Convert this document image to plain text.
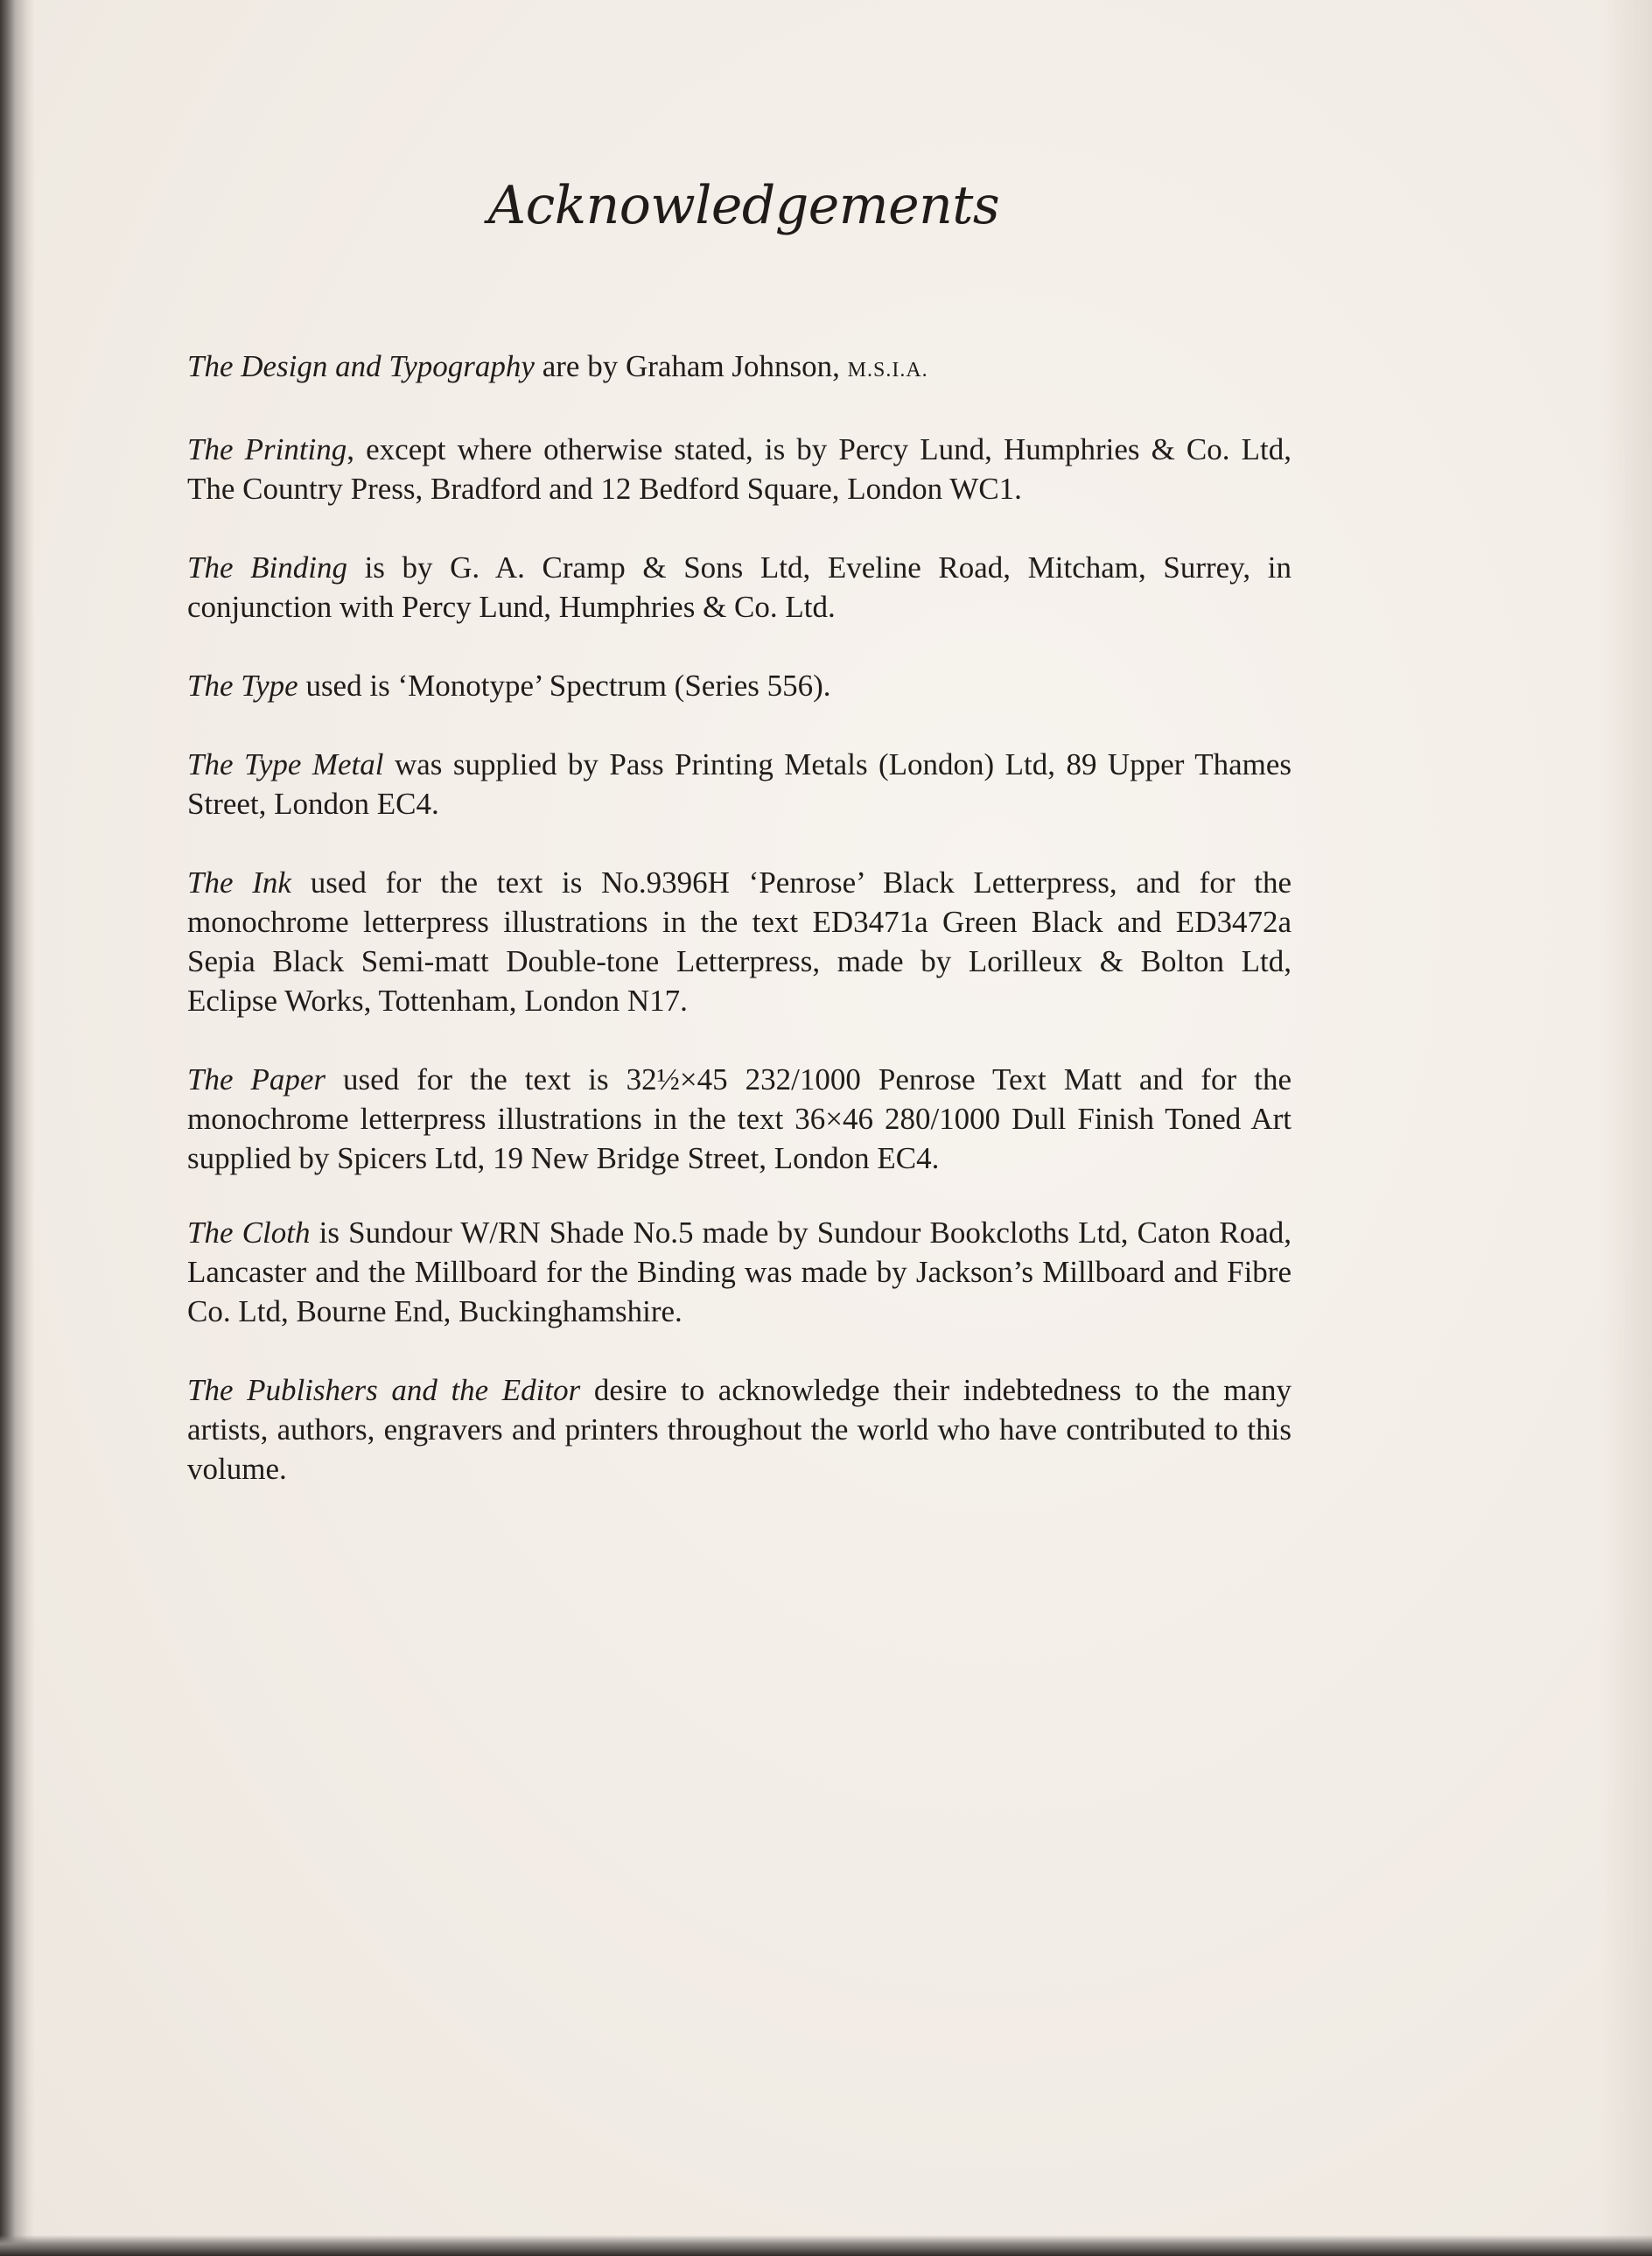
Acknowledgements

The Design and Typography are by Graham Johnson, M.S.I.A.

The Printing, except where otherwise stated, is by Percy Lund, Humphries & Co. Ltd, The Country Press, Bradford and 12 Bedford Square, London WC1.

The Binding is by G. A. Cramp & Sons Ltd, Eveline Road, Mitcham, Surrey, in conjunction with Percy Lund, Humphries & Co. Ltd.

The Type used is ‘Monotype’ Spectrum (Series 556).

The Type Metal was supplied by Pass Printing Metals (London) Ltd, 89 Upper Thames Street, London EC4.

The Ink used for the text is No.9396H ‘Penrose’ Black Letterpress, and for the monochrome letterpress illustrations in the text ED3471a Green Black and ED3472a Sepia Black Semi-matt Double-tone Letterpress, made by Lorilleux & Bolton Ltd, Eclipse Works, Tottenham, London N17.

The Paper used for the text is 32½×45 232/1000 Penrose Text Matt and for the monochrome letterpress illustrations in the text 36×46 280/1000 Dull Finish Toned Art supplied by Spicers Ltd, 19 New Bridge Street, London EC4.

The Cloth is Sundour W/RN Shade No.5 made by Sundour Bookcloths Ltd, Caton Road, Lancaster and the Millboard for the Binding was made by Jackson’s Millboard and Fibre Co. Ltd, Bourne End, Buckinghamshire.

The Publishers and the Editor desire to acknowledge their indebtedness to the many artists, authors, engravers and printers throughout the world who have contributed to this volume.
